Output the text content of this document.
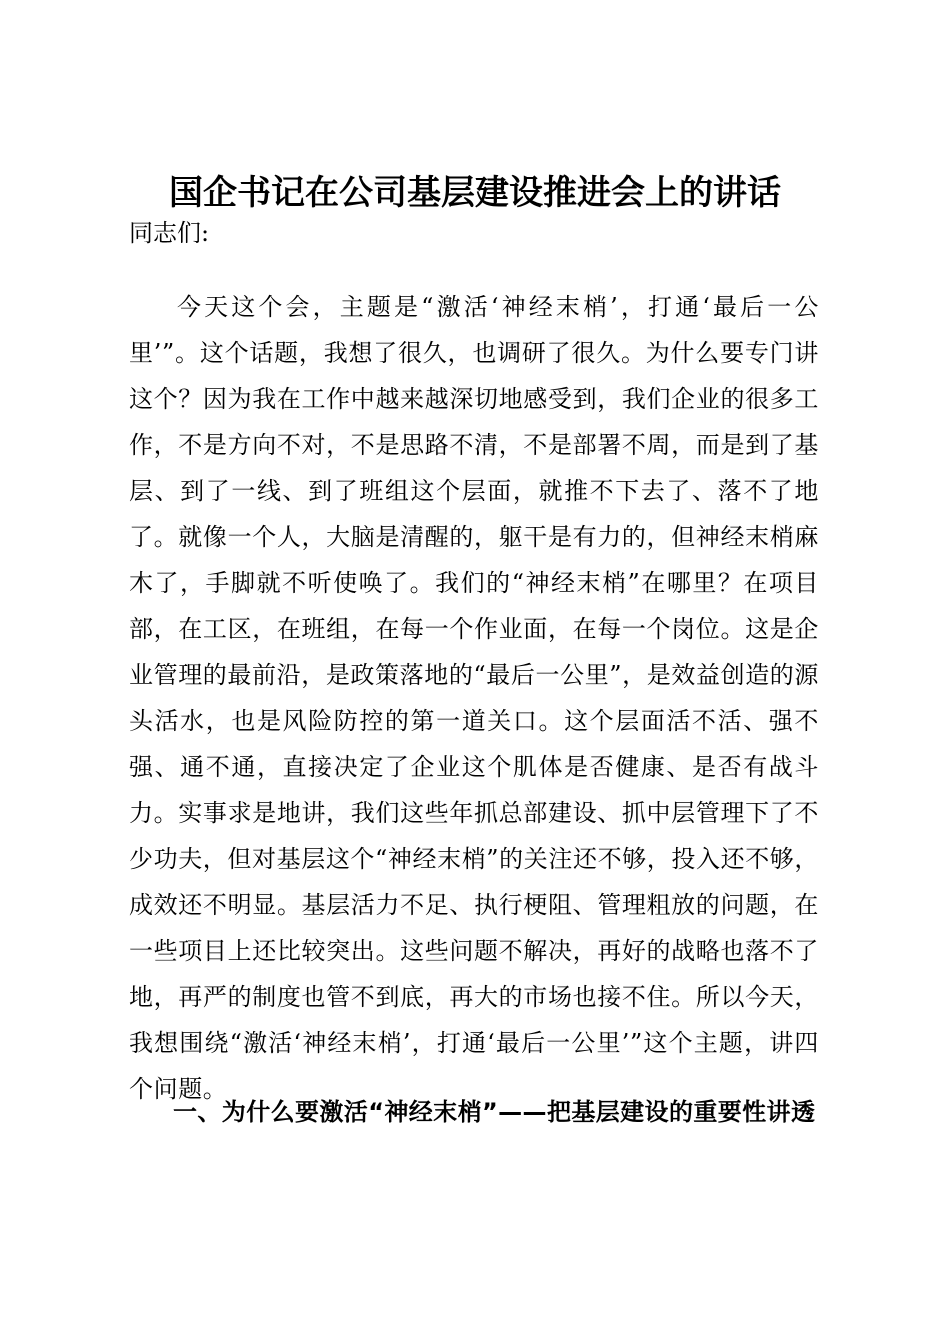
国企书记在公司基层建设推进会上的讲话
同志们:

今天这个会，主题是“激活‘神经末梢’，打通‘最后一公里’”。这个话题，我想了很久，也调研了很久。为什么要专门讲这个？因为我在工作中越来越深切地感受到，我们企业的很多工作，不是方向不对，不是思路不清，不是部署不周，而是到了基层、到了一线、到了班组这个层面，就推不下去了、落不了地了。就像一个人，大脑是清醒的，躯干是有力的，但神经末梢麻木了，手脚就不听使唤了。我们的“神经末梢”在哪里？在项目部，在工区，在班组，在每一个作业面，在每一个岗位。这是企业管理的最前沿，是政策落地的“最后一公里”，是效益创造的源头活水，也是风险防控的第一道关口。这个层面活不活、强不强、通不通，直接决定了企业这个肌体是否健康、是否有战斗力。实事求是地讲，我们这些年抓总部建设、抓中层管理下了不少功夫，但对基层这个“神经末梢”的关注还不够，投入还不够，成效还不明显。基层活力不足、执行梗阻、管理粗放的问题，在一些项目上还比较突出。这些问题不解决，再好的战略也落不了地，再严的制度也管不到底，再大的市场也接不住。所以今天，我想围绕“激活‘神经末梢’，打通‘最后一公里’”这个主题，讲四个问题。

一、为什么要激活“神经末梢”——把基层建设的重要性讲透
